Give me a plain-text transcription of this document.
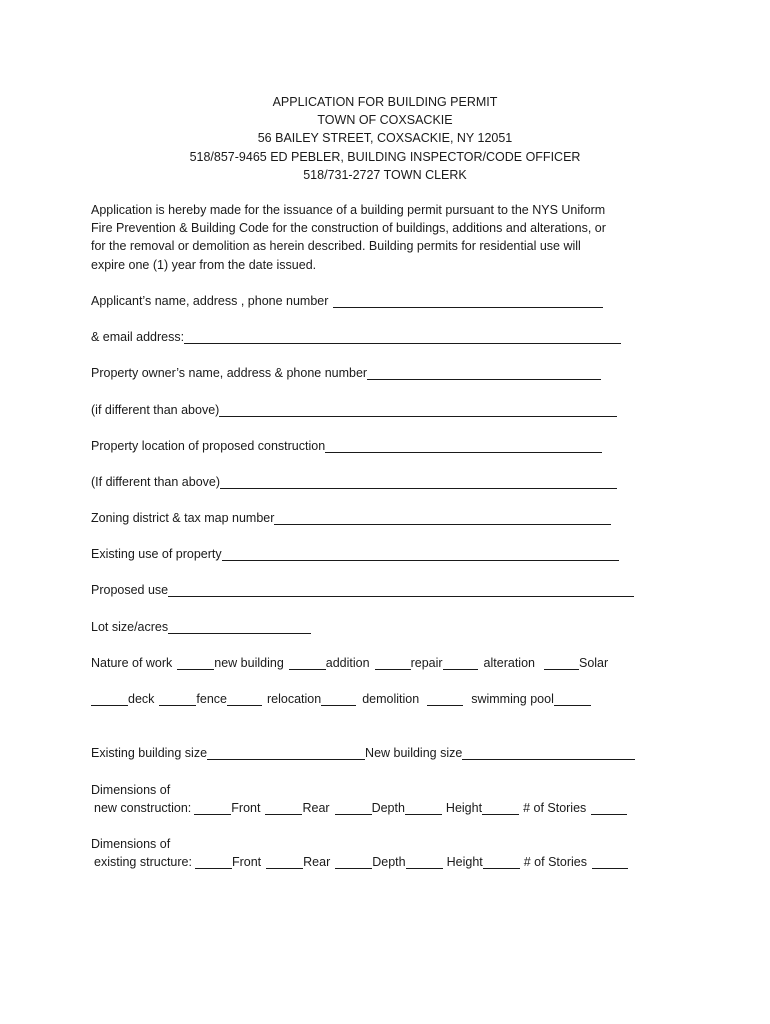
APPLICATION FOR BUILDING PERMIT
TOWN OF COXSACKIE
56 BAILEY STREET, COXSACKIE, NY 12051
518/857-9465 ED PEBLER, BUILDING INSPECTOR/CODE OFFICER
518/731-2727 TOWN CLERK
Application is hereby made for the issuance of a building permit pursuant to the NYS Uniform
Fire Prevention & Building Code for the construction of buildings, additions and alterations, or
for the removal or demolition as herein described. Building permits for residential use will
expire one (1) year from the date issued.
Applicant’s name, address , phone number
& email address:
Property owner’s name, address & phone number
(if different than above)
Property location of proposed construction
(If different than above)
Zoning district & tax map number
Existing use of property
Proposed use
Lot size/acres
Nature of work	new building	addition	repair	alteration	Solar
deck	fence	relocation	demolition	swimming pool
Existing building size	New building size
Dimensions of
new construction:	Front	Rear	Depth	Height	# of Stories
Dimensions of
existing structure:	Front	Rear	Depth	Height	# of Stories
